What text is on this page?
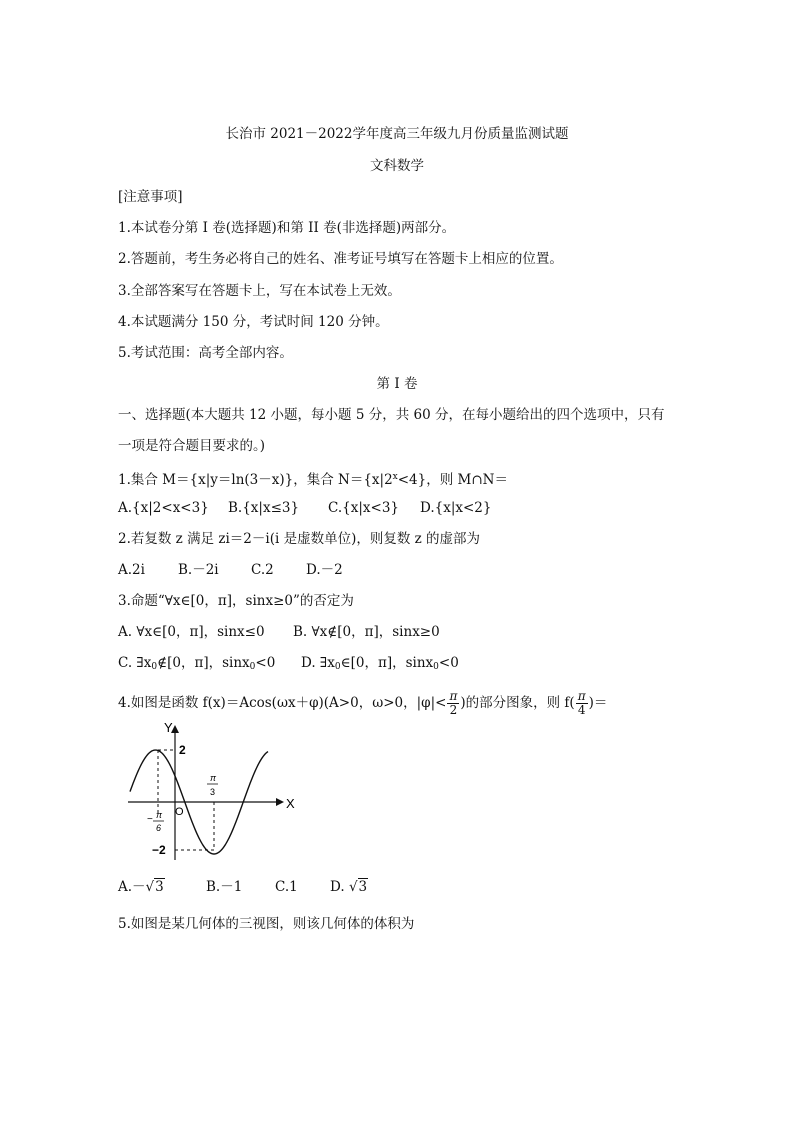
长治市 2021－2022学年度高三年级九月份质量监测试题
文科数学
[注意事项]
1.本试卷分第 I 卷(选择题)和第 II 卷(非选择题)两部分。
2.答题前，考生务必将自己的姓名、准考证号填写在答题卡上相应的位置。
3.全部答案写在答题卡上，写在本试卷上无效。
4.本试题满分 150 分，考试时间 120 分钟。
5.考试范围：高考全部内容。
第 I 卷
一、选择题(本大题共 12 小题，每小题 5 分，共 60 分，在每小题给出的四个选项中，只有
一项是符合题目要求的。)
1.集合 M＝{x|y＝ln(3－x)}，集合 $N=\{x|2^x<4\}$，则 M∩N＝
A.{x|2<x<3} B.{x|x≤3} C.{x|x<3} D.{x|x<2}
2.若复数 z 满足 zi＝2－i(i 是虚数单位)，则复数 z 的虚部为
A.2i B.－2i C.2 D.－2
3.命题“∀x∈[0，π]，sinx≥0”的否定为
A. ∀x∈[0，π]，sinx≤0 B. ∀x∉[0，π]，sinx≥0
C. $\exists x_0\notin[0$，π]，sinx$_0$<0 D. $\exists x_0\in[0$，π]，sinx$_0$<0
4.如图是函数 f(x)＝Acos(ωx＋φ)(A>0，ω>0，$|\varphi|< \frac{\pi}{2}$ )的部分图象，则 $f( \frac{\pi}{4}$ )＝
X
Y
O
2
−2
π
3
− π
6
A.－√3	B.－1 C.1 D. √3
5.如图是某几何体的三视图，则该几何体的体积为
